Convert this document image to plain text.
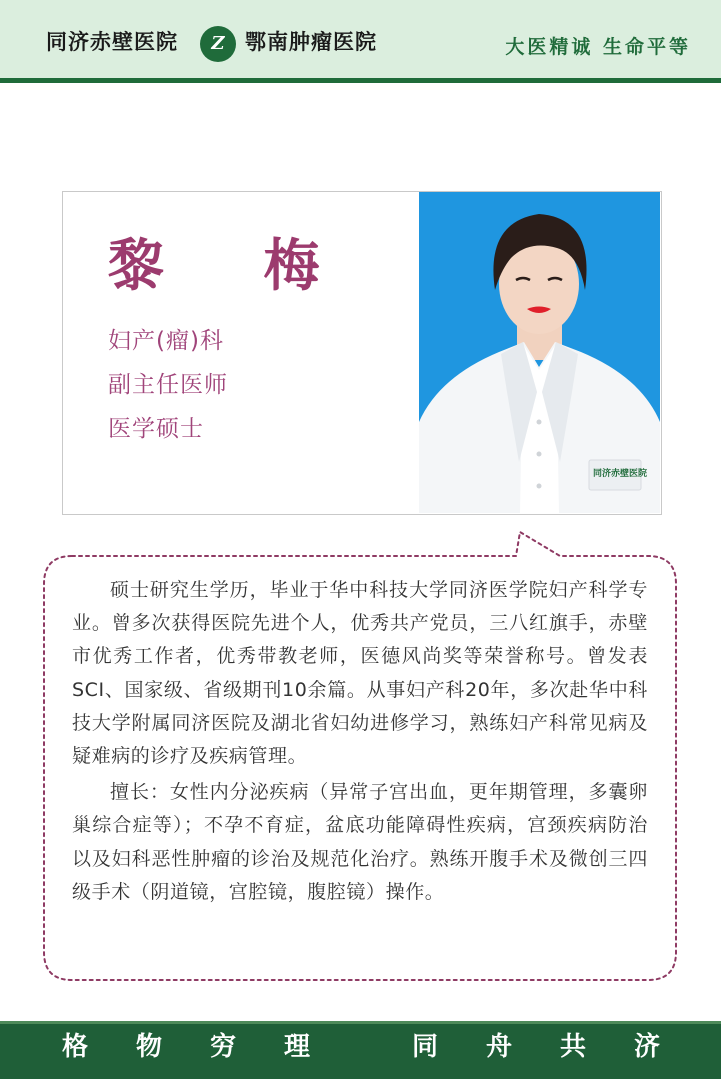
同济赤壁医院	Z 鄂南肿瘤医院	大医精诚 生命平等
黎 梅
妇产(瘤)科
副主任医师
医学硕士
同济赤壁医院

硕士研究生学历，毕业于华中科技大学同济医学院妇产科学专业。曾多次获得医院先进个人，优秀共产党员，三八红旗手，赤壁市优秀工作者，优秀带教老师，医德风尚奖等荣誉称号。曾发表SCI、国家级、省级期刊10余篇。从事妇产科20年，多次赴华中科技大学附属同济医院及湖北省妇幼进修学习，熟练妇产科常见病及疑难病的诊疗及疾病管理。

擅长：女性内分泌疾病（异常子宫出血，更年期管理，多囊卵巢综合症等）；不孕不育症，盆底功能障碍性疾病，宫颈疾病防治以及妇科恶性肿瘤的诊治及规范化治疗。熟练开腹手术及微创三四级手术（阴道镜，宫腔镜，腹腔镜）操作。

格物穷理 同舟共济
